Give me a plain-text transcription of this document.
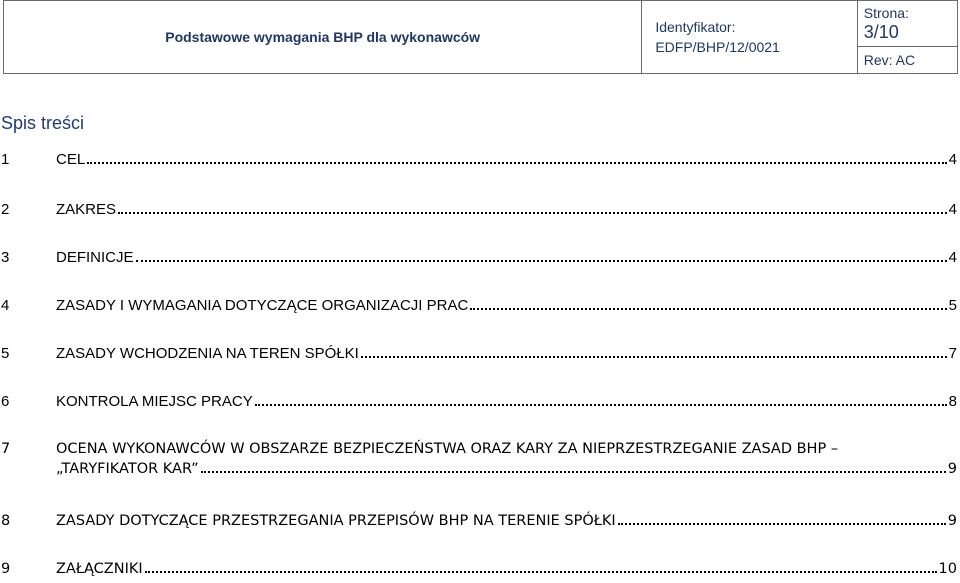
Podstawowe wymagania BHP dla wykonawców	
Identyfikator:
EDFP/BHP/12/0021

Strona:
3/10

Rev: AC
Spis treści
1	CEL	4
2	ZAKRES	4
3	DEFINICJE	4
4	ZASADY I WYMAGANIA DOTYCZĄCE ORGANIZACJI PRAC	5
5	ZASADY WCHODZENIA NA TEREN SPÓŁKI	7
6	KONTROLA MIEJSC PRACY	8
7	OCENA WYKONAWCÓW W OBSZARZE BEZPIECZEŃSTWA ORAZ KARY ZA NIEPRZESTRZEGANIE ZASAD BHP –
„TARYFIKATOR KAR”	9
8	ZASADY DOTYCZĄCE PRZESTRZEGANIA PRZEPISÓW BHP NA TERENIE SPÓŁKI	9
9	ZAŁĄCZNIKI	10
